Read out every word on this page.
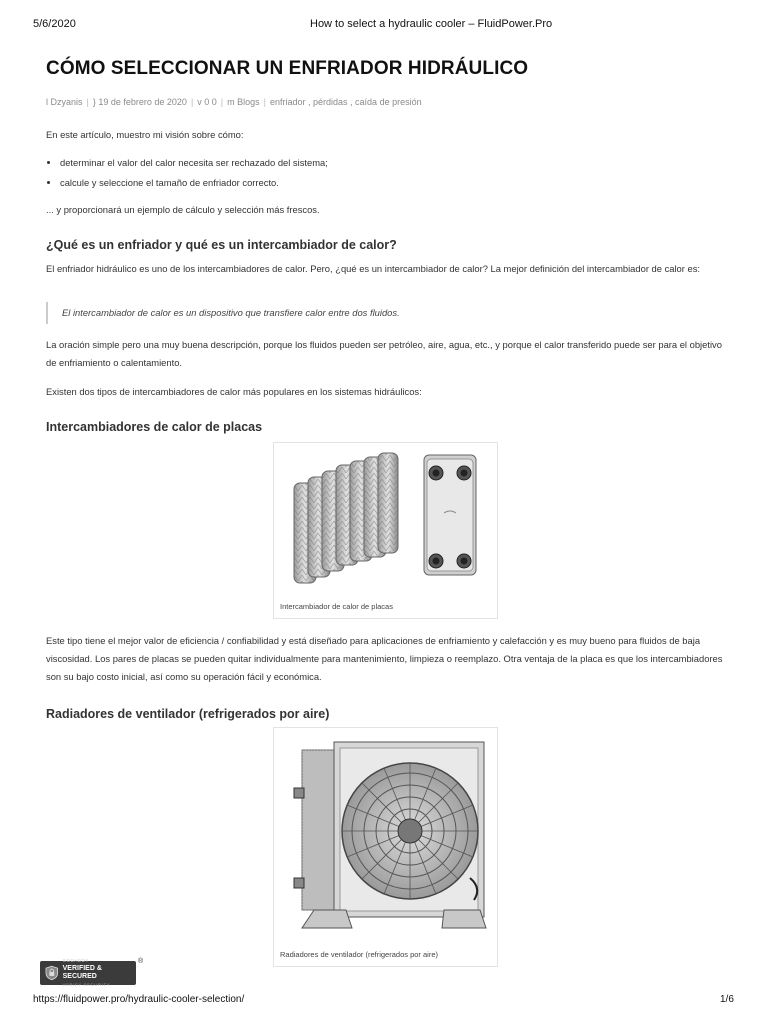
5/6/2020	How to select a hydraulic cooler – FluidPower.Pro
CÓMO SELECCIONAR UN ENFRIADOR HIDRÁULICO
l Dzyanis | } 19 de febrero de 2020 | v 0 0 | m Blogs | enfriador , pérdidas , caída de presión
En este artículo, muestro mi visión sobre cómo:
• determinar el valor del calor necesita ser rechazado del sistema;
• calcule y seleccione el tamaño de enfriador correcto.
... y proporcionará un ejemplo de cálculo y selección más frescos.
¿Qué es un enfriador y qué es un intercambiador de calor?
El enfriador hidráulico es uno de los intercambiadores de calor. Pero, ¿qué es un intercambiador de calor? La mejor definición del intercambiador de calor es:
El intercambiador de calor es un dispositivo que transfiere calor entre dos fluidos.
La oración simple pero una muy buena descripción, porque los fluidos pueden ser petróleo, aire, agua, etc., y porque el calor transferido puede ser para el objetivo de enfriamiento o calentamiento.
Existen dos tipos de intercambiadores de calor más populares en los sistemas hidráulicos:
Intercambiadores de calor de placas
Intercambiador de calor de placas
Este tipo tiene el mejor valor de eficiencia / confiabilidad y está diseñado para aplicaciones de enfriamiento y calefacción y es muy bueno para fluidos de baja viscosidad. Los pares de placas se pueden quitar individualmente para mantenimiento, limpieza o reemplazo. Otra ventaja de la placa es que los intercambiadores son su bajo costo inicial, así como su operación fácil y económica.
Radiadores de ventilador (refrigerados por aire)
Radiadores de ventilador (refrigerados por aire)
GODADDY
VERIFIED & SECURED
VERIFY SECURITY
®
https://fluidpower.pro/hydraulic-cooler-selection/	1/6
